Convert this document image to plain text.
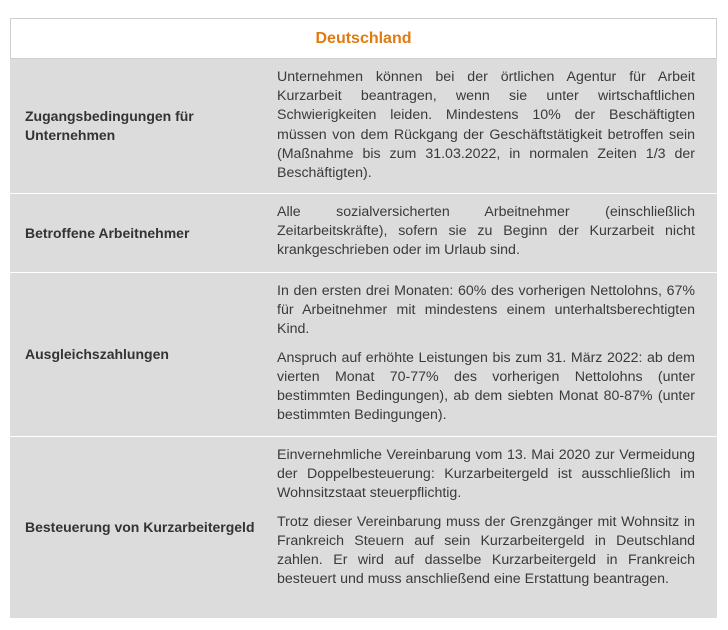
Deutschland
Zugangsbedingungen für Unternehmen

Unternehmen können bei der örtlichen Agentur für Arbeit Kurzarbeit beantragen, wenn sie unter wirtschaftlichen Schwierigkeiten leiden. Mindestens 10% der Beschäftigten müssen von dem Rückgang der Geschäftstätigkeit betroffen sein (Maßnahme bis zum 31.03.2022, in normalen Zeiten 1/3 der Beschäftigten).

Betroffene Arbeitnehmer

Alle sozialversicherten Arbeitnehmer (einschließlich Zeitarbeitskräfte), sofern sie zu Beginn der Kurzarbeit nicht krankgeschrieben oder im Urlaub sind.

Ausgleichszahlungen

In den ersten drei Monaten: 60% des vorherigen Nettolohns, 67% für Arbeitnehmer mit mindestens einem unterhaltsberechtigten Kind.

Anspruch auf erhöhte Leistungen bis zum 31. März 2022: ab dem vierten Monat 70-77% des vorherigen Nettolohns (unter bestimmten Bedingungen), ab dem siebten Monat 80-87% (unter bestimmten Bedingungen).

Besteuerung von Kurzarbeitergeld

Einvernehmliche Vereinbarung vom 13. Mai 2020 zur Vermeidung der Doppelbesteuerung: Kurzarbeitergeld ist ausschließlich im Wohnsitzstaat steuerpflichtig.

Trotz dieser Vereinbarung muss der Grenzgänger mit Wohnsitz in Frankreich Steuern auf sein Kurzarbeitergeld in Deutschland zahlen. Er wird auf dasselbe Kurzarbeitergeld in Frankreich besteuert und muss anschließend eine Erstattung beantragen.
